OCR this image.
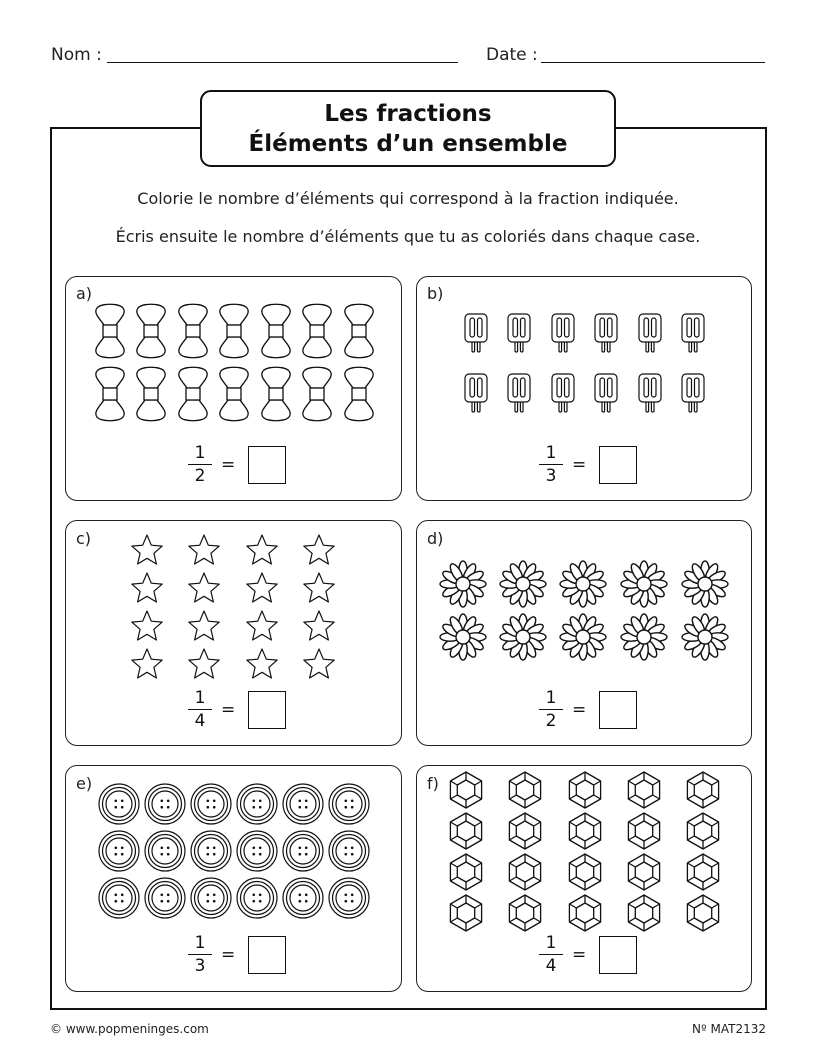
Nom :	Date :
Les fractions
Éléments d’un ensemble
Colorie le nombre d’éléments qui correspond à la fraction indiquée.
Écris ensuite le nombre d’éléments que tu as coloriés dans chaque case.
a)	b)
c)	d)
e)	f)
1
2
=
1
3
=
1
4
=
1
2
=
1
3
=
1
4
=
© www.popmeninges.com	Nº MAT2132
